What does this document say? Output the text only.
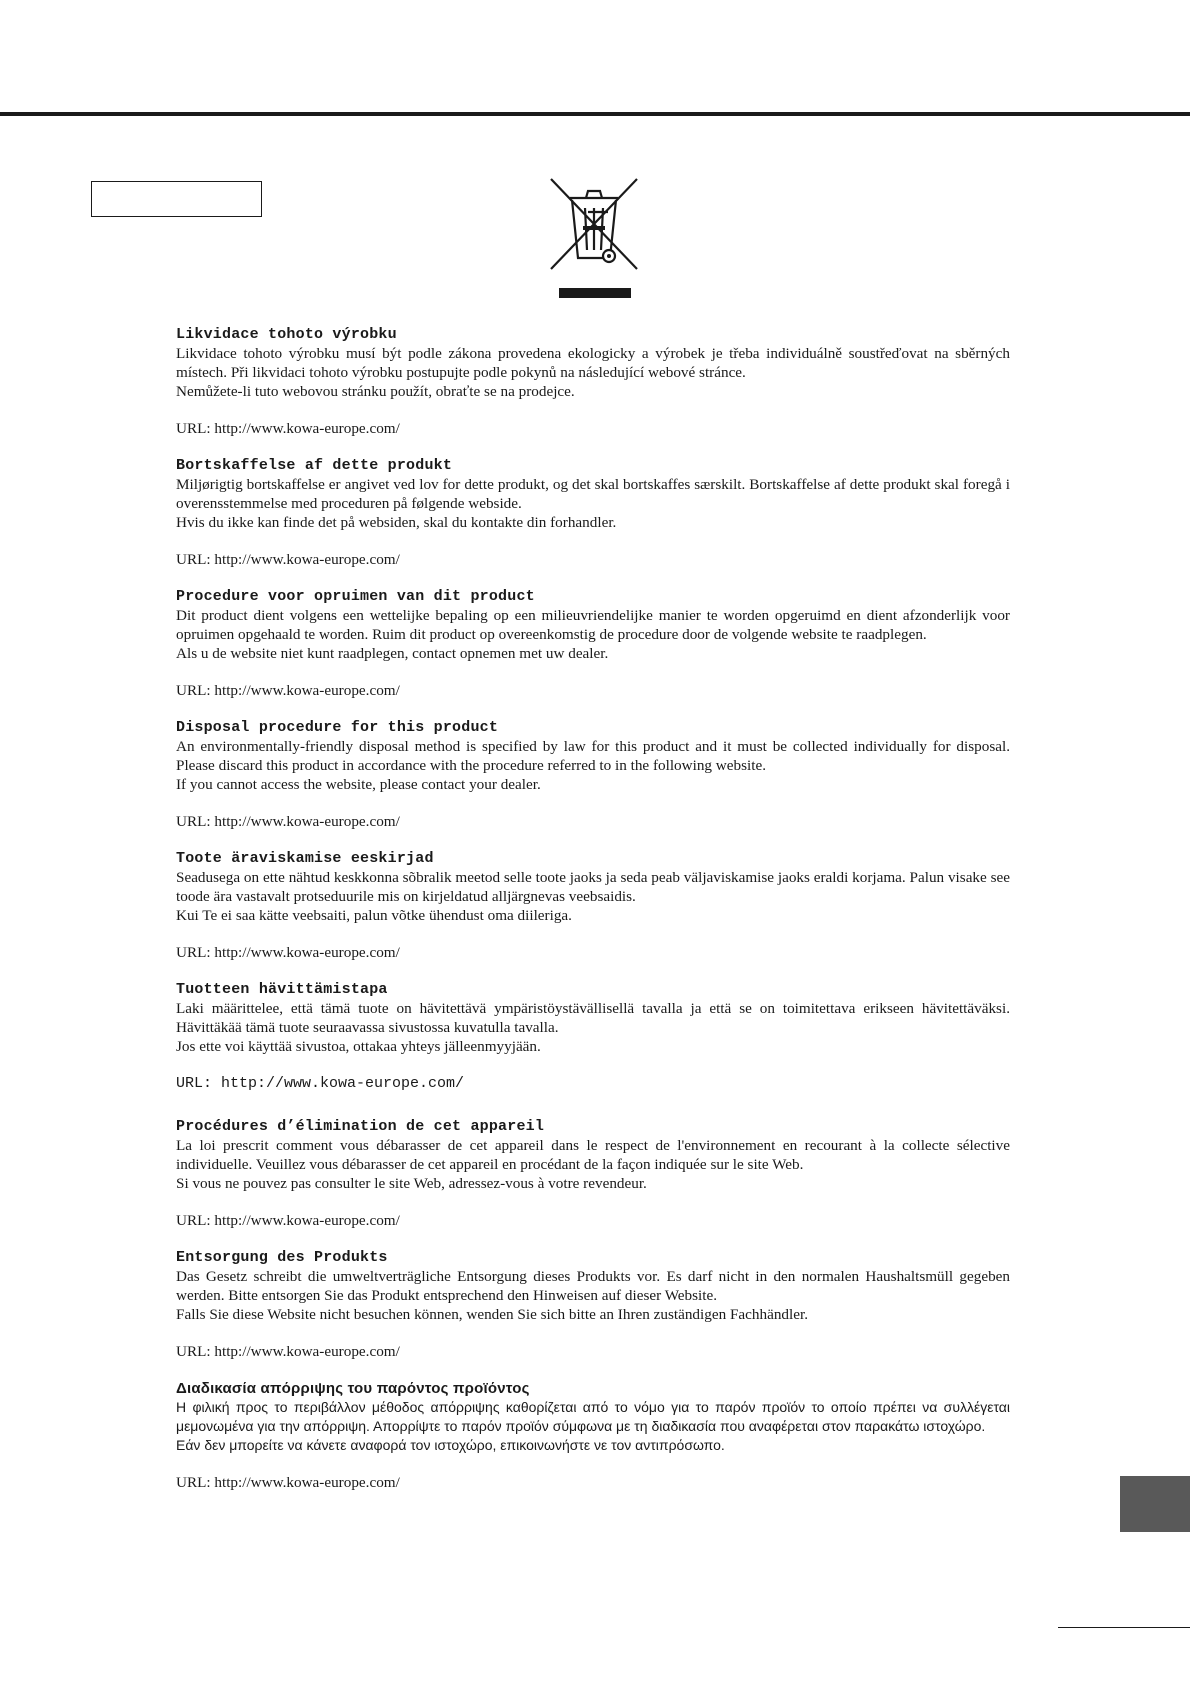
Likvidace tohoto výrobku

Likvidace tohoto výrobku musí být podle zákona provedena ekologicky a výrobek je třeba individuálně soustřeďovat na sběrných místech. Při likvidaci tohoto výrobku postupujte podle pokynů na následující webové stránce.

Nemůžete-li tuto webovou stránku použít, obraťte se na prodejce.

URL: http://www.kowa-europe.com/

Bortskaffelse af dette produkt

Miljørigtig bortskaffelse er angivet ved lov for dette produkt, og det skal bortskaffes særskilt. Bortskaffelse af dette produkt skal foregå i overensstemmelse med proceduren på følgende webside.

Hvis du ikke kan finde det på websiden, skal du kontakte din forhandler.

URL: http://www.kowa-europe.com/

Procedure voor opruimen van dit product

Dit product dient volgens een wettelijke bepaling op een milieuvriendelijke manier te worden opgeruimd en dient afzonderlijk voor opruimen opgehaald te worden. Ruim dit product op overeenkomstig de procedure door de volgende website te raadplegen.

Als u de website niet kunt raadplegen, contact opnemen met uw dealer.

URL: http://www.kowa-europe.com/

Disposal procedure for this product

An environmentally-friendly disposal method is specified by law for this product and it must be collected individually for disposal. Please discard this product in accordance with the procedure referred to in the following website.

If you cannot access the website, please contact your dealer.

URL: http://www.kowa-europe.com/

Toote äraviskamise eeskirjad

Seadusega on ette nähtud keskkonna sõbralik meetod selle toote jaoks ja seda peab väljaviskamise jaoks eraldi korjama. Palun visake see toode ära vastavalt protseduurile mis on kirjeldatud alljärgnevas veebsaidis.

Kui Te ei saa kätte veebsaiti, palun võtke ühendust oma diileriga.

URL: http://www.kowa-europe.com/

Tuotteen hävittämistapa

Laki määrittelee, että tämä tuote on hävitettävä ympäristöystävällisellä tavalla ja että se on toimitettava erikseen hävitettäväksi. Hävittäkää tämä tuote seuraavassa sivustossa kuvatulla tavalla.

Jos ette voi käyttää sivustoa, ottakaa yhteys jälleenmyyjään.

URL: http://www.kowa-europe.com/

Procédures d’élimination de cet appareil

La loi prescrit comment vous débarasser de cet appareil dans le respect de l'environnement en recourant à la collecte sélective individuelle. Veuillez vous débarasser de cet appareil en procédant de la façon indiquée sur le site Web.

Si vous ne pouvez pas consulter le site Web, adressez-vous à votre revendeur.

URL: http://www.kowa-europe.com/

Entsorgung des Produkts

Das Gesetz schreibt die umweltverträgliche Entsorgung dieses Produkts vor. Es darf nicht in den normalen Haushaltsmüll gegeben werden. Bitte entsorgen Sie das Produkt entsprechend den Hinweisen auf dieser Website.

Falls Sie diese Website nicht besuchen können, wenden Sie sich bitte an Ihren zuständigen Fachhändler.

URL: http://www.kowa-europe.com/

Διαδικασία απόρριψης του παρόντος προϊόντος

Η φιλική προς το περιβάλλον μέθοδος απόρριψης καθορίζεται από το νόμο για το παρόν προϊόν το οποίο πρέπει να συλλέγεται μεμονωμένα για την απόρριψη. Απορρίψτε το παρόν προϊόν σύμφωνα με τη διαδικασία που αναφέρεται στον παρακάτω ιστοχώρο.

Εάν δεν μπορείτε να κάνετε αναφορά τον ιστοχώρο, επικοινωνήστε νε τον αντιπρόσωπο.

URL: http://www.kowa-europe.com/
